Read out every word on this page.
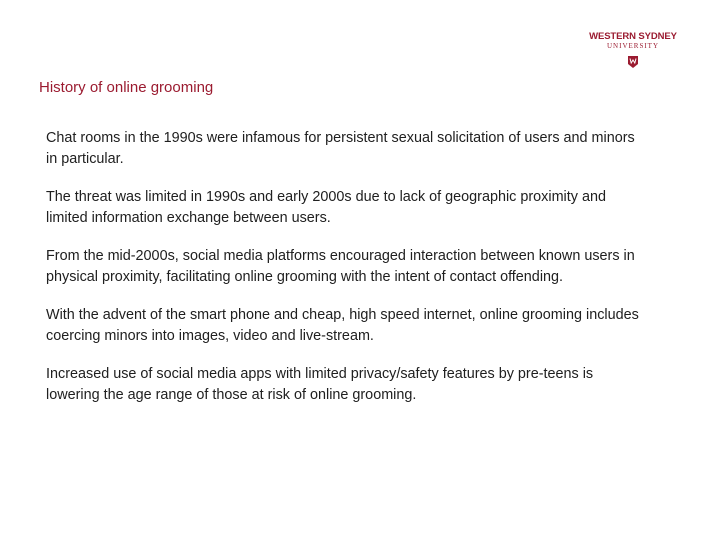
WESTERN SYDNEY
UNIVERSITY
History of online grooming

Chat rooms in the 1990s were infamous for persistent sexual solicitation of users and minors in particular.

The threat was limited in 1990s and early 2000s due to lack of geographic proximity and limited information exchange between users.

From the mid-2000s, social media platforms encouraged interaction between known users in physical proximity, facilitating online grooming with the intent of contact offending.

With the advent of the smart phone and cheap, high speed internet, online grooming includes coercing minors into images, video and live-stream.

Increased use of social media apps with limited privacy/safety features by pre-teens is lowering the age range of those at risk of online grooming.
